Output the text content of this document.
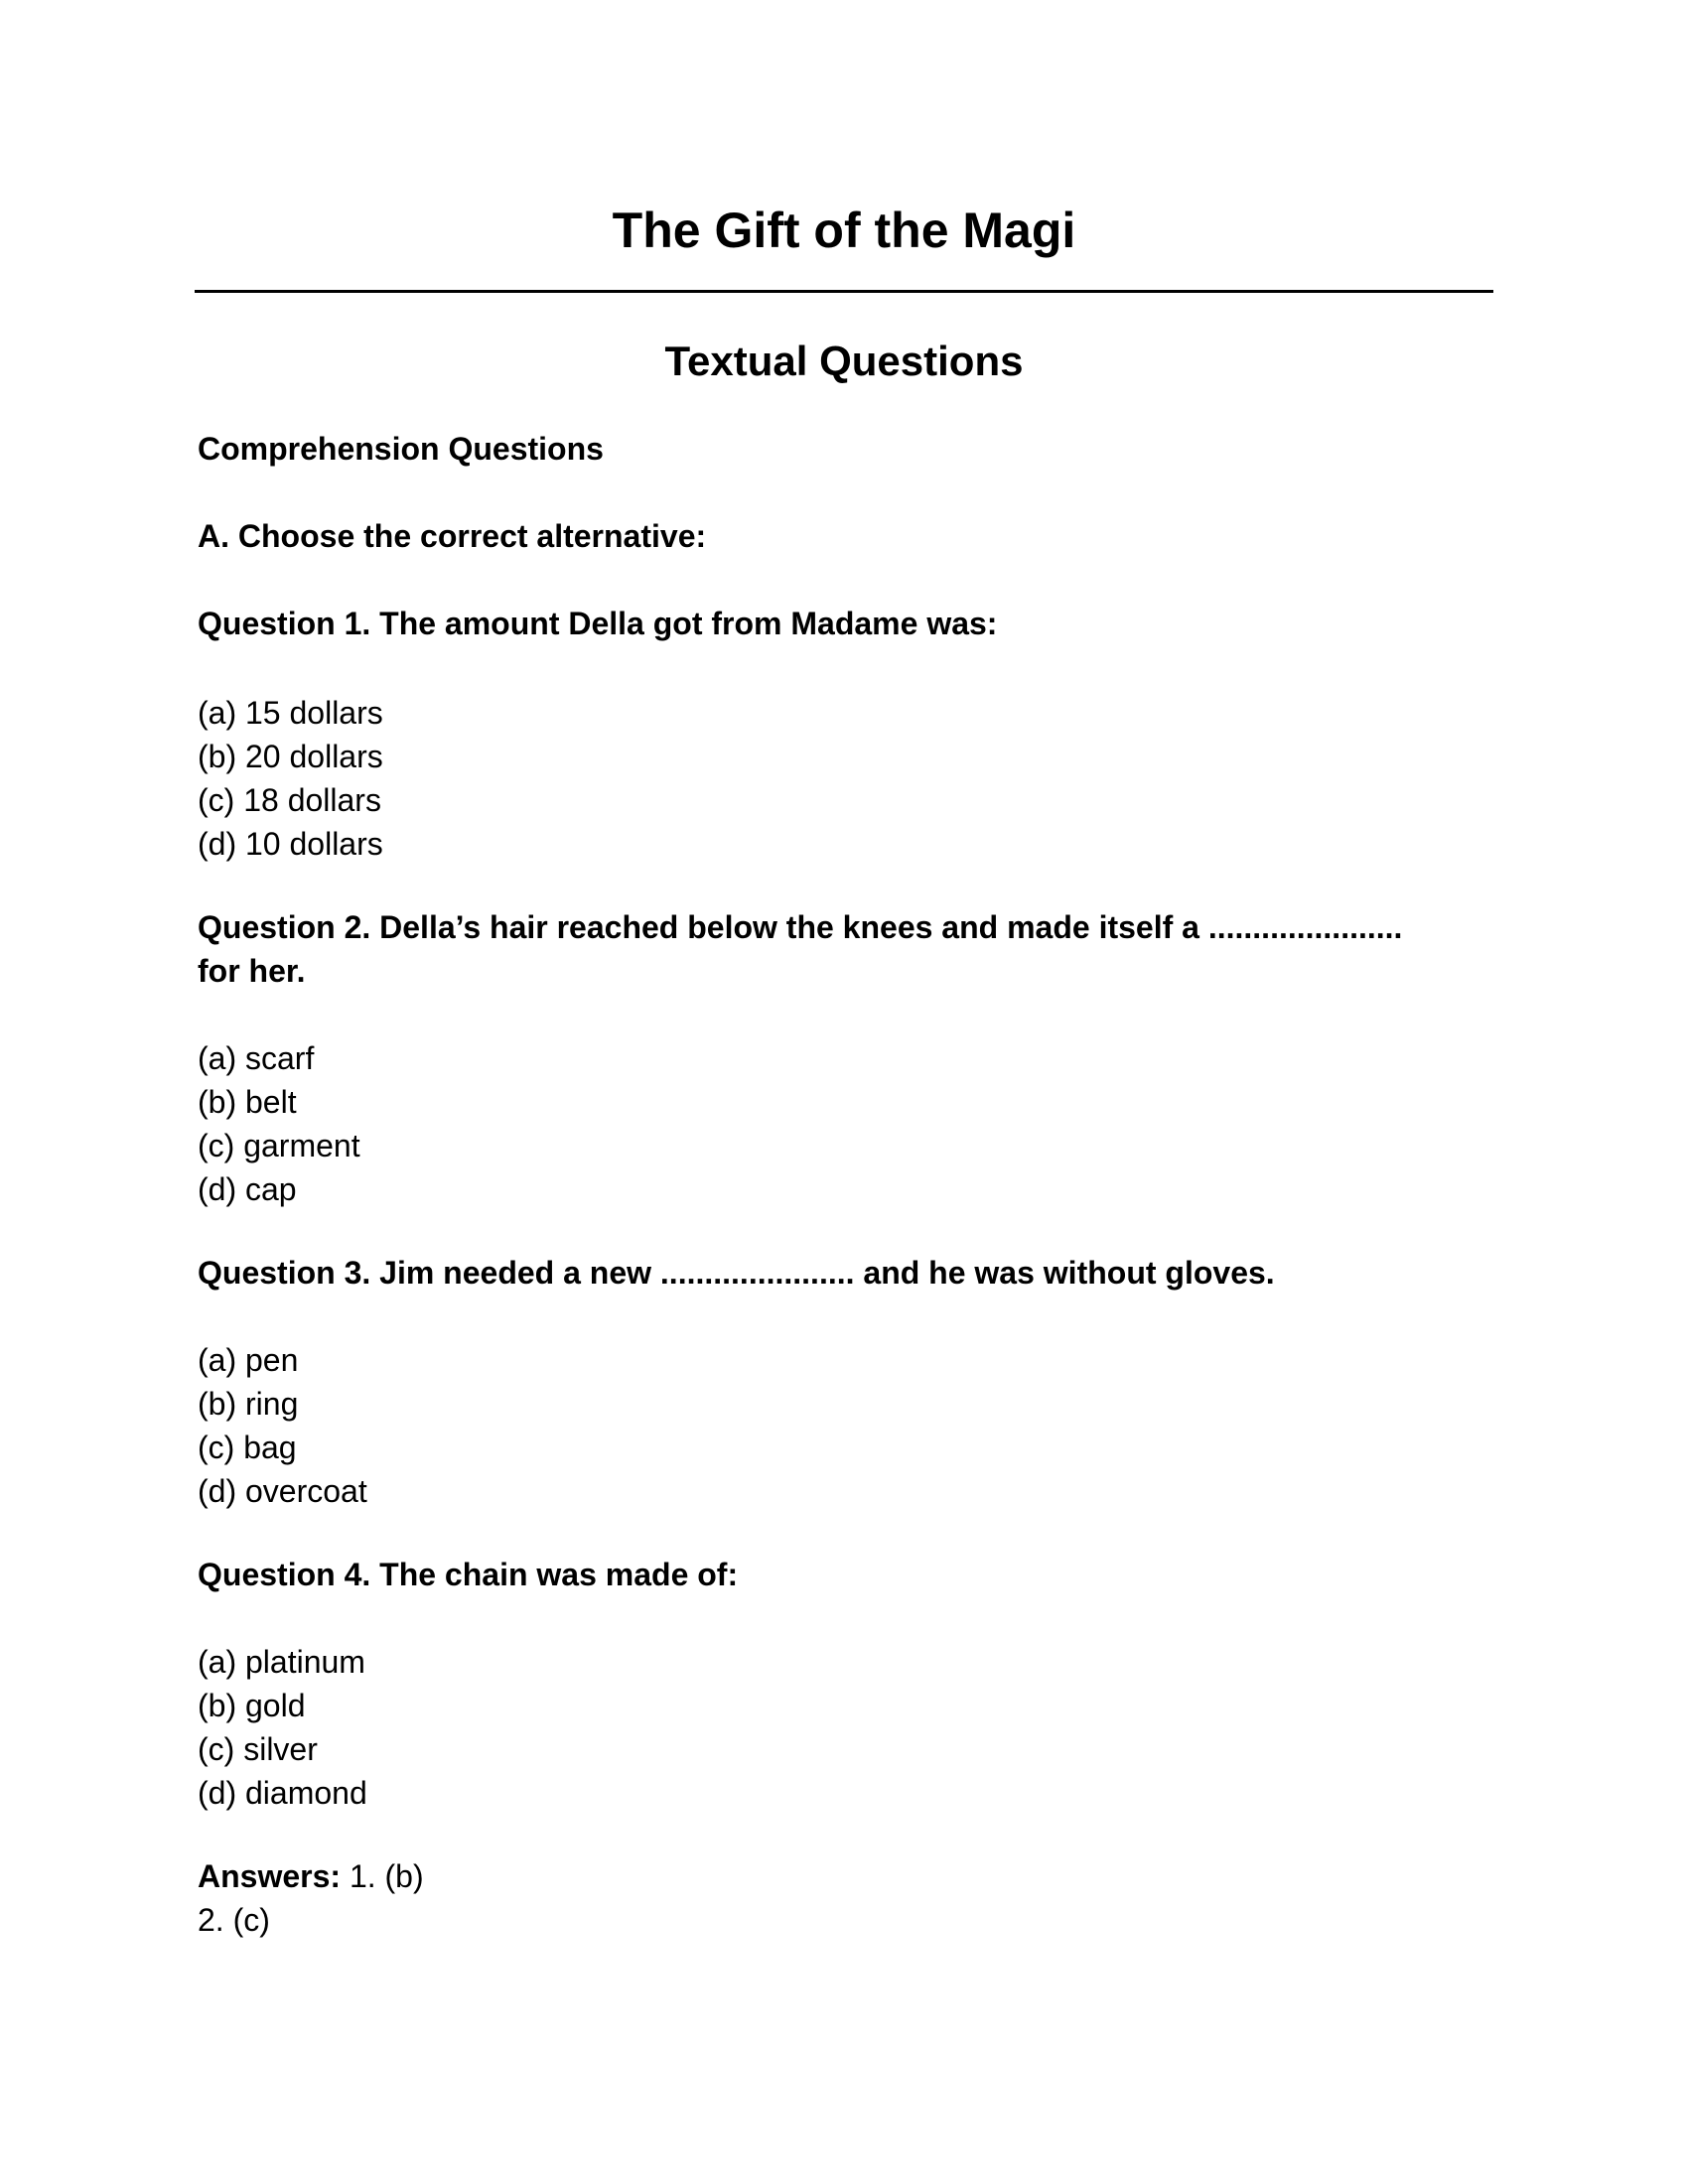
The Gift of the Magi
Textual Questions
Comprehension Questions
A. Choose the correct alternative:
Question 1. The amount Della got from Madame was:
(a) 15 dollars
(b) 20 dollars
(c) 18 dollars
(d) 10 dollars
Question 2. Della’s hair reached below the knees and made itself a ......................
for her.
(a) scarf
(b) belt
(c) garment
(d) cap
Question 3. Jim needed a new ...................... and he was without gloves.
(a) pen
(b) ring
(c) bag
(d) overcoat
Question 4. The chain was made of:
(a) platinum
(b) gold
(c) silver
(d) diamond
Answers: 1. (b)
2. (c)
